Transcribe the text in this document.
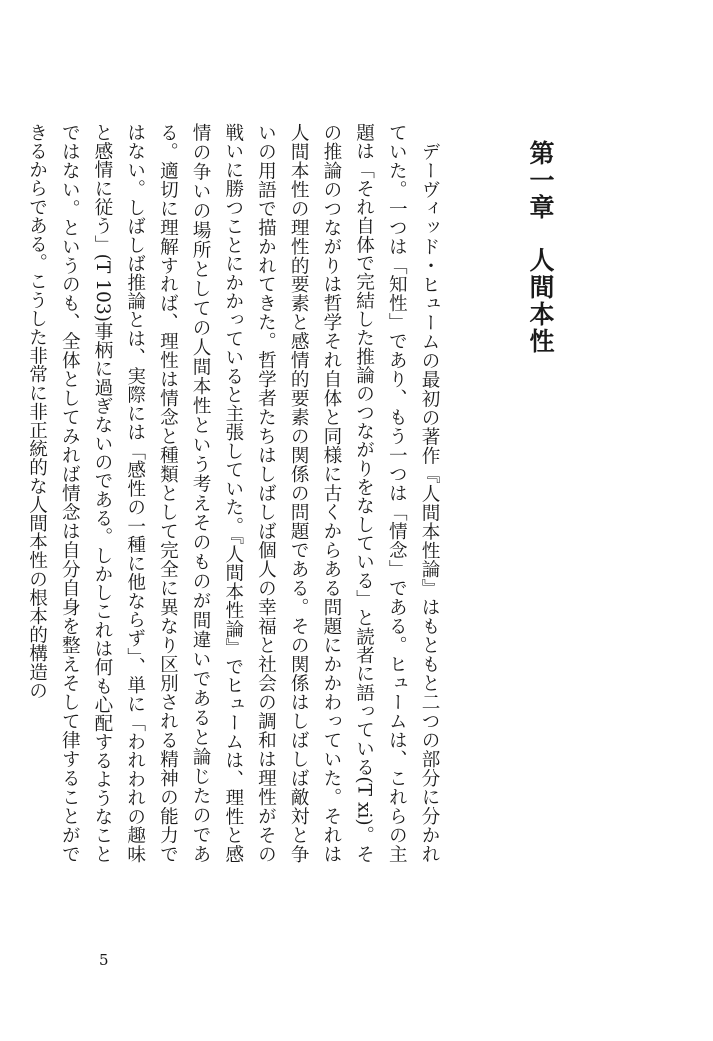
第一章人間本性

デーヴィッド・ヒュームの最初の著作『人間本性論』はもともと二つの部分に分かれていた。一つは「知性」であり、もう一つは「情念」である。ヒュームは、これらの主題は「それ自体で完結した推論のつながりをなしている」と読者に語っている(T xi)。その推論のつながりは哲学それ自体と同様に古くからある問題にかかわっていた。それは人間本性の理性的要素と感情的要素の関係の問題である。その関係はしばしば敵対と争いの用語で描かれてきた。哲学者たちはしばしば個人の幸福と社会の調和は理性がその戦いに勝つことにかかっていると主張していた。『人間本性論』でヒュームは、理性と感情の争いの場所としての人間本性という考えそのものが間違いであると論じたのである。適切に理解すれば、理性は情念と種類として完全に異なり区別される精神の能力ではない。しばしば推論とは、実際には「感性の一種に他ならず」、単に「われわれの趣味と感情に従う」(T 103)事柄に過ぎないのである。しかしこれは何も心配するようなことではない。というのも、全体としてみれば情念は自分自身を整えそして律することができるからである。こうした非常に非正統的な人間本性の根本的構造の

5
